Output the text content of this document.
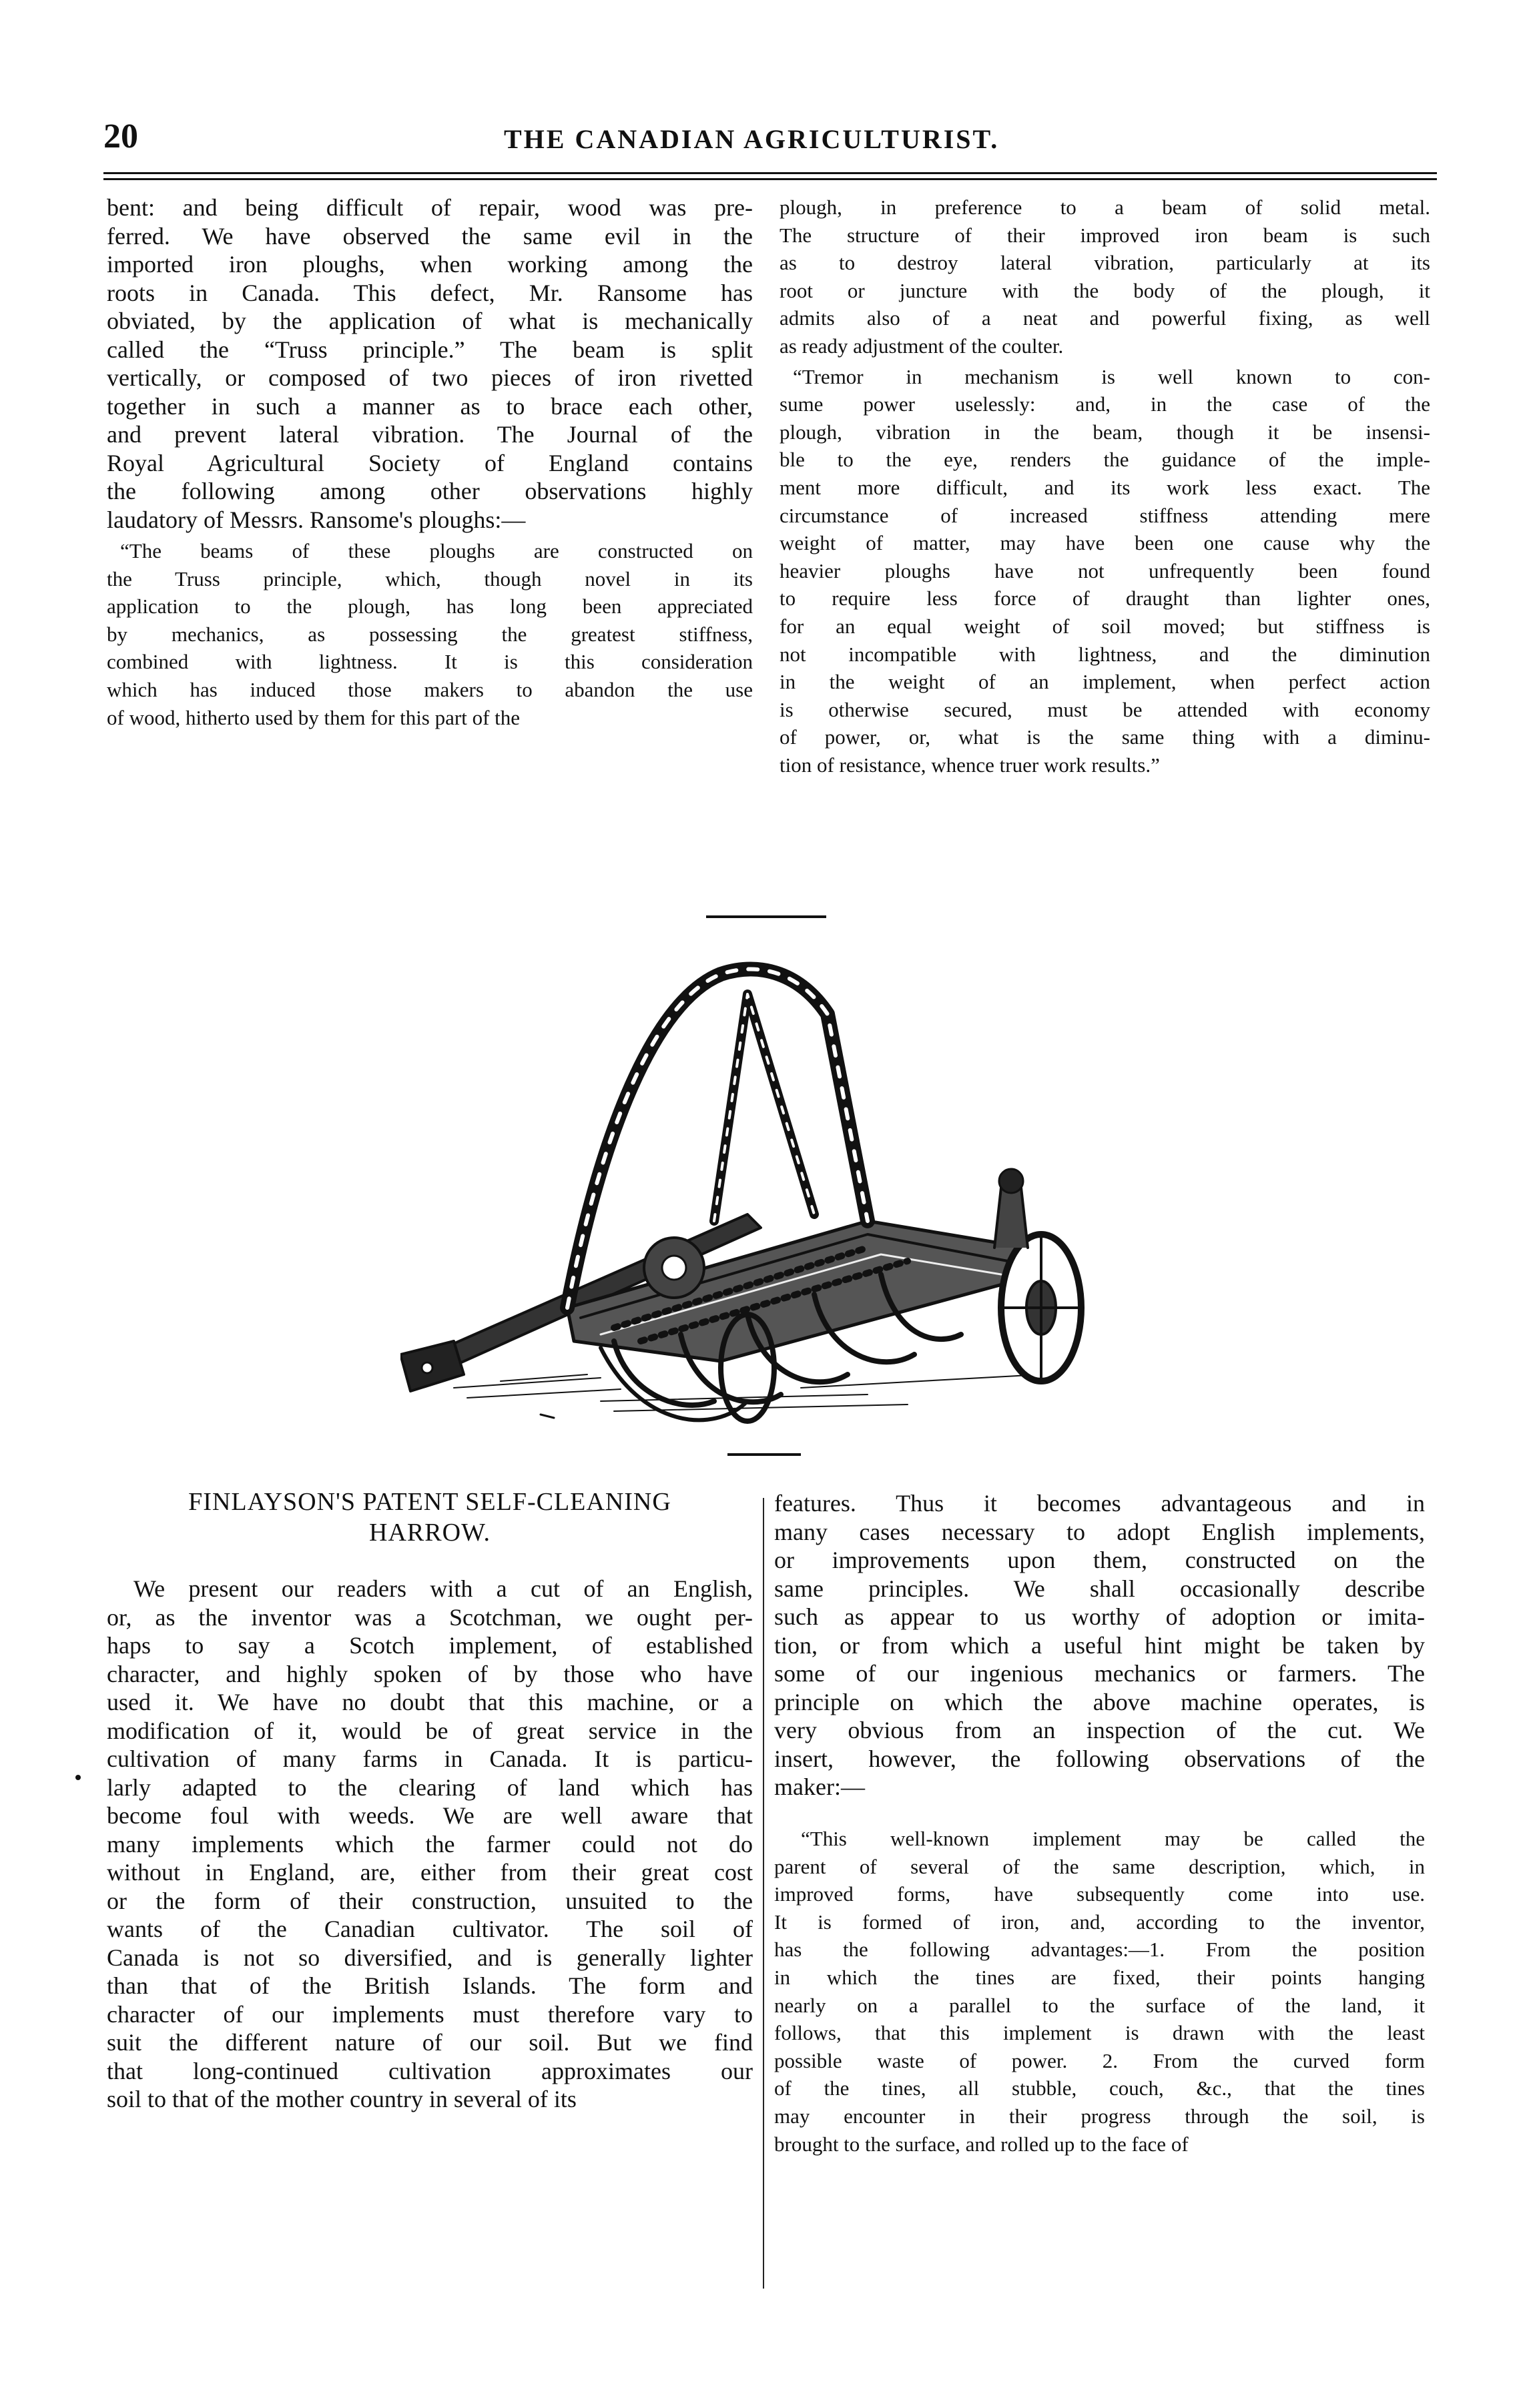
20	THE CANADIAN AGRICULTURIST.
bent: and being difficult of repair, wood was pre-
ferred. We have observed the same evil in the
imported iron ploughs, when working among the
roots in Canada. This defect, Mr. Ransome has
obviated, by the application of what is mechanically
called the “Truss principle.” The beam is split
vertically, or composed of two pieces of iron rivetted
together in such a manner as to brace each other,
and prevent lateral vibration. The Journal of the
Royal Agricultural Society of England contains
the following among other observations highly
laudatory of Messrs. Ransome's ploughs:—
“The beams of these ploughs are constructed on
the Truss principle, which, though novel in its
application to the plough, has long been appreciated
by mechanics, as possessing the greatest stiffness,
combined with lightness. It is this consideration
which has induced those makers to abandon the use
of wood, hitherto used by them for this part of the
plough, in preference to a beam of solid metal.
The structure of their improved iron beam is such
as to destroy lateral vibration, particularly at its
root or juncture with the body of the plough, it
admits also of a neat and powerful fixing, as well
as ready adjustment of the coulter.
“Tremor in mechanism is well known to con-
sume power uselessly: and, in the case of the
plough, vibration in the beam, though it be insensi-
ble to the eye, renders the guidance of the imple-
ment more difficult, and its work less exact. The
circumstance of increased stiffness attending mere
weight of matter, may have been one cause why the
heavier ploughs have not unfrequently been found
to require less force of draught than lighter ones,
for an equal weight of soil moved; but stiffness is
not incompatible with lightness, and the diminution
in the weight of an implement, when perfect action
is otherwise secured, must be attended with economy
of power, or, what is the same thing with a diminu-
tion of resistance, whence truer work results.”
FINLAYSON'S PATENT SELF-CLEANING
HARROW.
We present our readers with a cut of an English,
or, as the inventor was a Scotchman, we ought per-
haps to say a Scotch implement, of established
character, and highly spoken of by those who have
used it. We have no doubt that this machine, or a
modification of it, would be of great service in the
cultivation of many farms in Canada. It is particu-
larly adapted to the clearing of land which has
become foul with weeds. We are well aware that
many implements which the farmer could not do
without in England, are, either from their great cost
or the form of their construction, unsuited to the
wants of the Canadian cultivator. The soil of
Canada is not so diversified, and is generally lighter
than that of the British Islands. The form and
character of our implements must therefore vary to
suit the different nature of our soil. But we find
that long-continued cultivation approximates our
soil to that of the mother country in several of its
features. Thus it becomes advantageous and in
many cases necessary to adopt English implements,
or improvements upon them, constructed on the
same principles. We shall occasionally describe
such as appear to us worthy of adoption or imita-
tion, or from which a useful hint might be taken by
some of our ingenious mechanics or farmers. The
principle on which the above machine operates, is
very obvious from an inspection of the cut. We
insert, however, the following observations of the
maker:—
“This well-known implement may be called the
parent of several of the same description, which, in
improved forms, have subsequently come into use.
It is formed of iron, and, according to the inventor,
has the following advantages:—1. From the position
in which the tines are fixed, their points hanging
nearly on a parallel to the surface of the land, it
follows, that this implement is drawn with the least
possible waste of power. 2. From the curved form
of the tines, all stubble, couch, &c., that the tines
may encounter in their progress through the soil, is
brought to the surface, and rolled up to the face of
